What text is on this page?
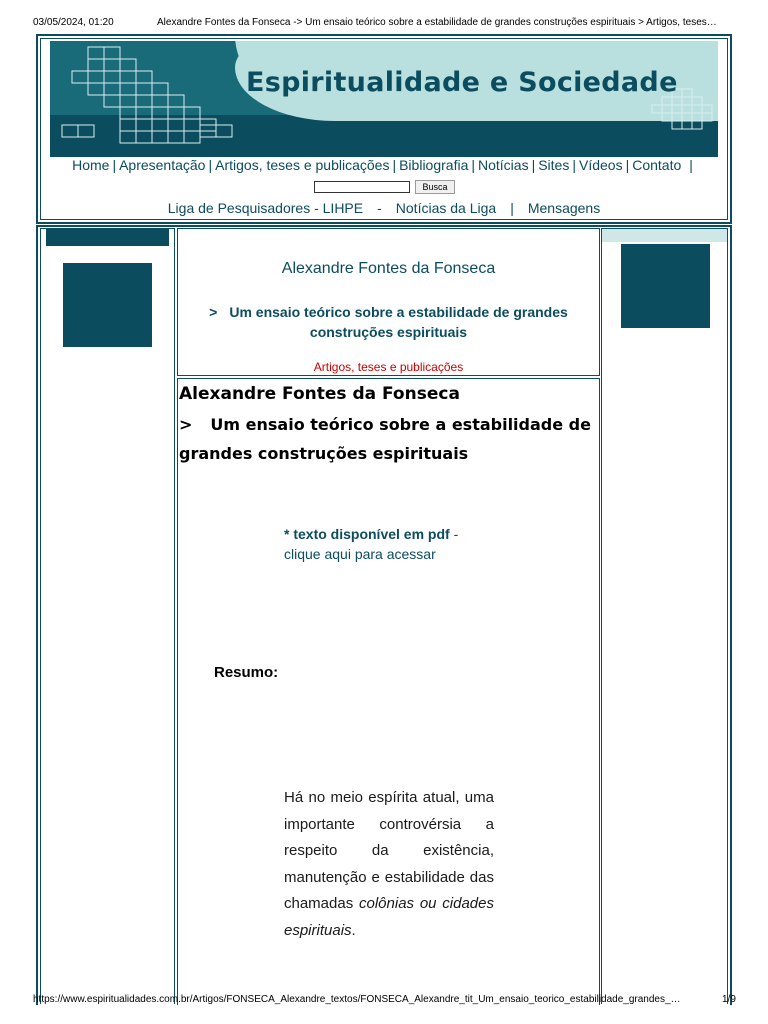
03/05/2024, 01:20	Alexandre Fontes da Fonseca -> Um ensaio teórico sobre a estabilidade de grandes construções espirituais > Artigos, teses…
Espiritualidade e Sociedade
Home | Apresentação | Artigos, teses e publicações | Bibliografia | Notícias | Sites | Vídeos | Contato |
Busca
Liga de Pesquisadores - LIHPE - Notícias da Liga | Mensagens
Alexandre Fontes da Fonseca
> Um ensaio teórico sobre a estabilidade de grandes construções espirituais
Artigos, teses e publicações
Alexandre Fontes da Fonseca
> Um ensaio teórico sobre a estabilidade de grandes construções espirituais
* texto disponível em pdf -
clique aqui para acessar
Resumo:
Há no meio espírita atual, uma importante controvérsia a respeito da existência, manutenção e estabilidade das chamadas colônias ou cidades espirituais.
https://www.espiritualidades.com.br/Artigos/FONSECA_Alexandre_textos/FONSECA_Alexandre_tit_Um_ensaio_teorico_estabilidade_grandes_…	1/9
